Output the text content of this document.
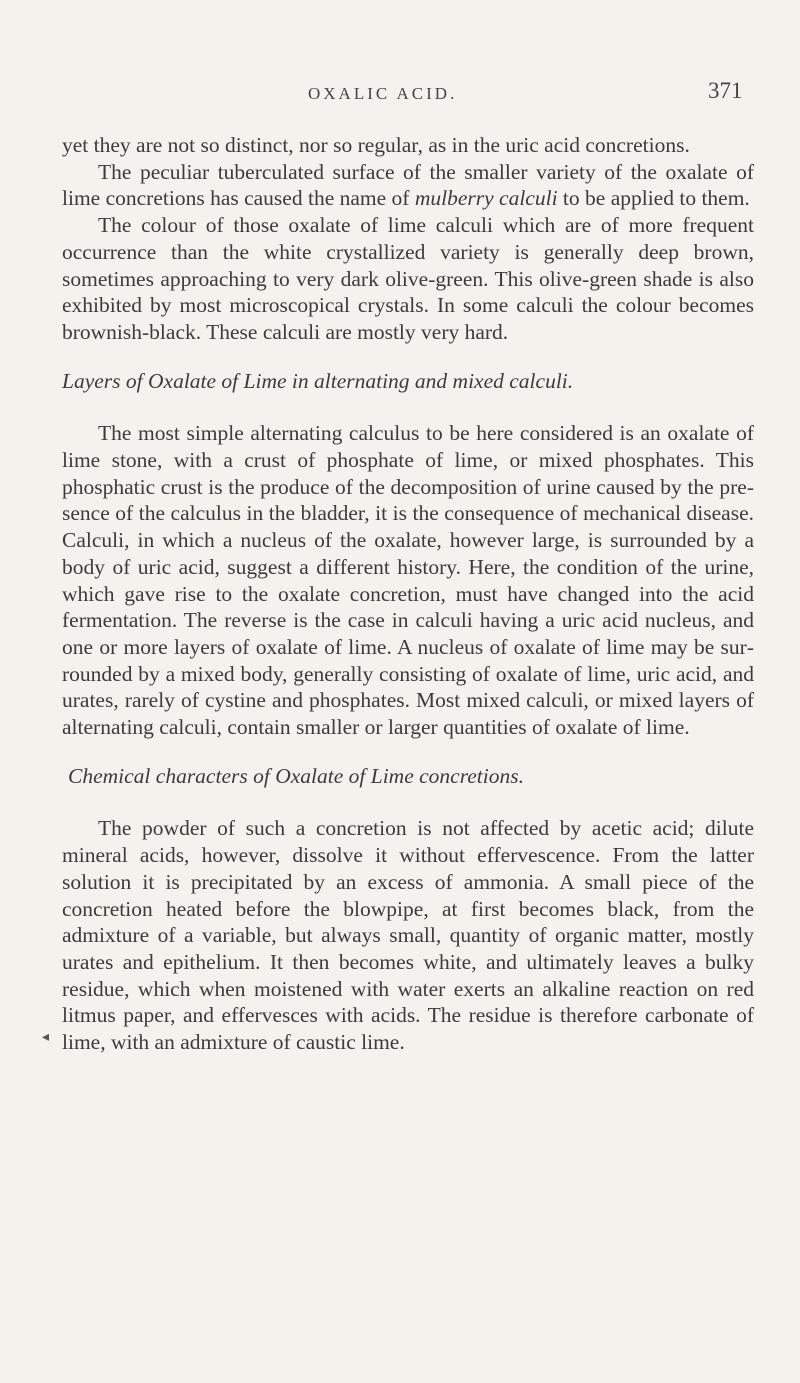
OXALIC ACID.	371
◂

yet they are not so distinct, nor so regular, as in the uric acid concretions.

The peculiar tuberculated surface of the smaller variety of the oxalate of lime concretions has caused the name of mulberry calculi to be applied to them.

The colour of those oxalate of lime calculi which are of more frequent occurrence than the white crystallized variety is generally deep brown, sometimes approaching to very dark olive-green. This olive-green shade is also exhibited by most microscopical crystals. In some calculi the colour becomes brownish-black. These calculi are mostly very hard.

Layers of Oxalate of Lime in alternating and mixed calculi.

The most simple alternating calculus to be here considered is an oxalate of lime stone, with a crust of phosphate of lime, or mixed phosphates. This phosphatic crust is the produce of the decomposition of urine caused by the presence of the calculus in the bladder, it is the consequence of mechanical disease. Calculi, in which a nucleus of the oxalate, however large, is surrounded by a body of uric acid, suggest a different history. Here, the condition of the urine, which gave rise to the oxalate concretion, must have changed into the acid fermentation. The reverse is the case in calculi having a uric acid nucleus, and one or more layers of oxalate of lime. A nucleus of oxalate of lime may be surrounded by a mixed body, generally consisting of oxalate of lime, uric acid, and urates, rarely of cystine and phosphates. Most mixed calculi, or mixed layers of alternating calculi, contain smaller or larger quantities of oxalate of lime.

Chemical characters of Oxalate of Lime concretions.

The powder of such a concretion is not affected by acetic acid; dilute mineral acids, however, dissolve it without effervescence. From the latter solution it is precipitated by an excess of ammonia. A small piece of the concretion heated before the blowpipe, at first becomes black, from the admixture of a variable, but always small, quantity of organic matter, mostly urates and epithelium. It then becomes white, and ultimately leaves a bulky residue, which when moistened with water exerts an alkaline reaction on red litmus paper, and effervesces with acids. The residue is therefore carbonate of lime, with an admixture of caustic lime.
